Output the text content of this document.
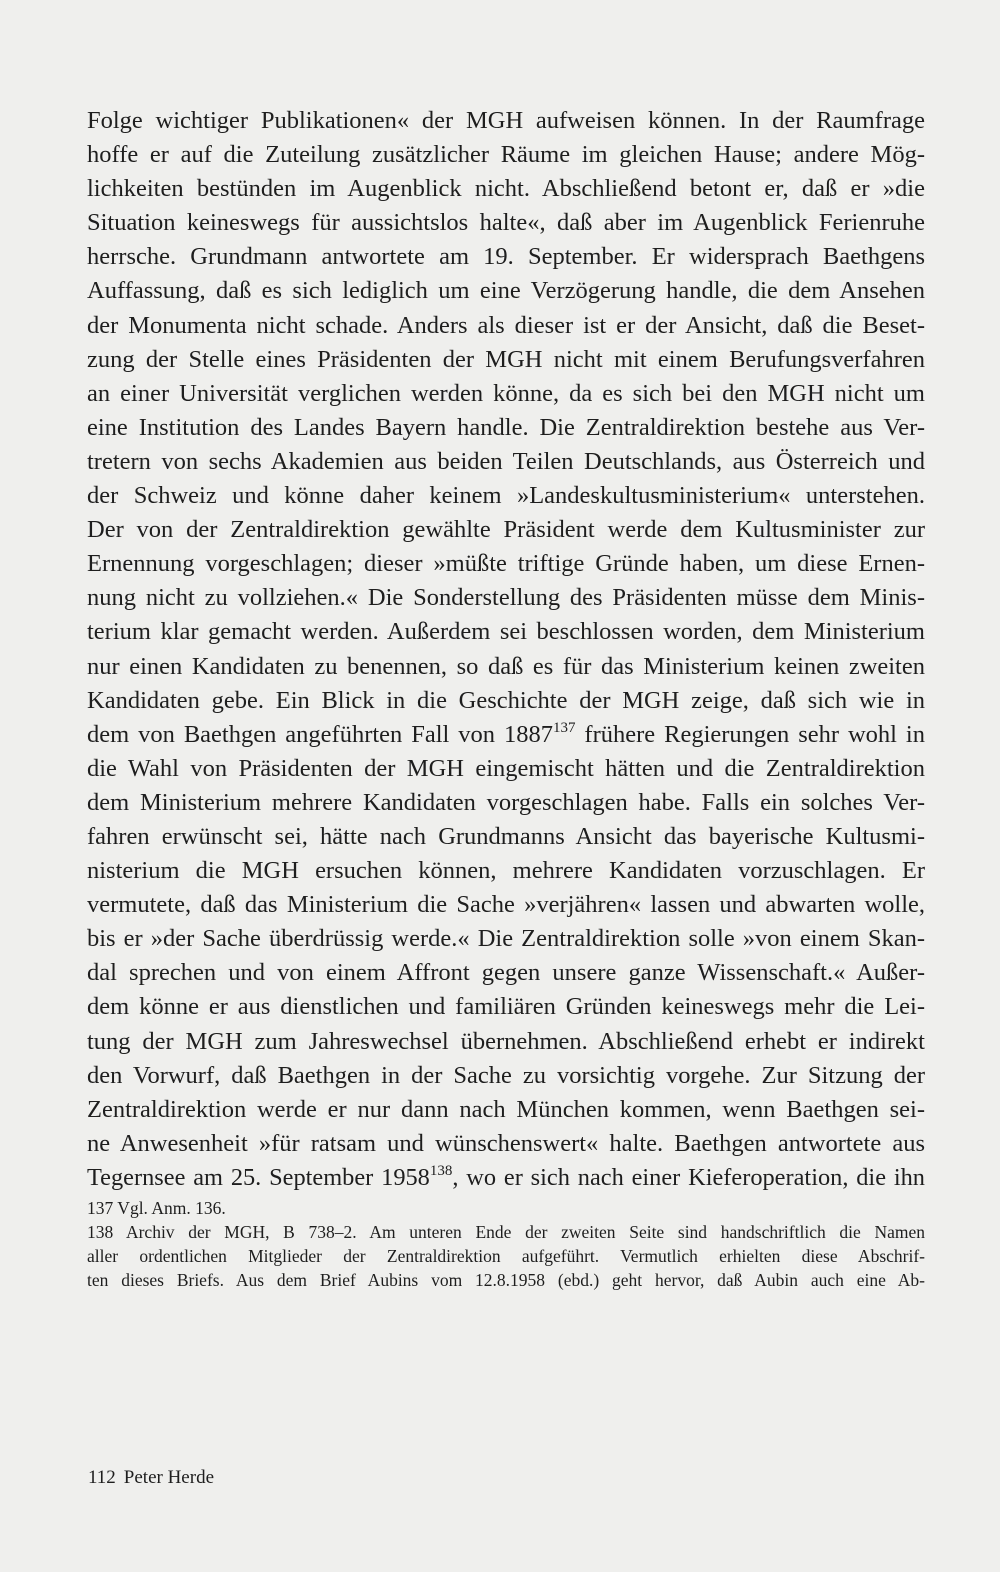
Folge wichtiger Publikationen« der MGH aufweisen können. In der Raumfrage
hoffe er auf die Zuteilung zusätzlicher Räume im gleichen Hause; andere Mög-
lichkeiten bestünden im Augenblick nicht. Abschließend betont er, daß er »die
Situation keineswegs für aussichtslos halte«, daß aber im Augenblick Ferienruhe
herrsche. Grundmann antwortete am 19. September. Er widersprach Baethgens
Auffassung, daß es sich lediglich um eine Verzögerung handle, die dem Ansehen
der Monumenta nicht schade. Anders als dieser ist er der Ansicht, daß die Beset-
zung der Stelle eines Präsidenten der MGH nicht mit einem Berufungsverfahren
an einer Universität verglichen werden könne, da es sich bei den MGH nicht um
eine Institution des Landes Bayern handle. Die Zentraldirektion bestehe aus Ver-
tretern von sechs Akademien aus beiden Teilen Deutschlands, aus Österreich und
der Schweiz und könne daher keinem »Landeskultusministerium« unterstehen.
Der von der Zentraldirektion gewählte Präsident werde dem Kultusminister zur
Ernennung vorgeschlagen; dieser »müßte triftige Gründe haben, um diese Ernen-
nung nicht zu vollziehen.« Die Sonderstellung des Präsidenten müsse dem Minis-
terium klar gemacht werden. Außerdem sei beschlossen worden, dem Ministerium
nur einen Kandidaten zu benennen, so daß es für das Ministerium keinen zweiten
Kandidaten gebe. Ein Blick in die Geschichte der MGH zeige, daß sich wie in
dem von Baethgen angeführten Fall von 1887$^{137}$ frühere Regierungen sehr wohl in
die Wahl von Präsidenten der MGH eingemischt hätten und die Zentraldirektion
dem Ministerium mehrere Kandidaten vorgeschlagen habe. Falls ein solches Ver-
fahren erwünscht sei, hätte nach Grundmanns Ansicht das bayerische Kultusmi-
nisterium die MGH ersuchen können, mehrere Kandidaten vorzuschlagen. Er
vermutete, daß das Ministerium die Sache »verjähren« lassen und abwarten wolle,
bis er »der Sache überdrüssig werde.« Die Zentraldirektion solle »von einem Skan-
dal sprechen und von einem Affront gegen unsere ganze Wissenschaft.« Außer-
dem könne er aus dienstlichen und familiären Gründen keineswegs mehr die Lei-
tung der MGH zum Jahreswechsel übernehmen. Abschließend erhebt er indirekt
den Vorwurf, daß Baethgen in der Sache zu vorsichtig vorgehe. Zur Sitzung der
Zentraldirektion werde er nur dann nach München kommen, wenn Baethgen sei-
ne Anwesenheit »für ratsam und wünschenswert« halte. Baethgen antwortete aus
Tegernsee am 25. September 1958$^{138}$, wo er sich nach einer Kieferoperation, die ihn
137 Vgl. Anm. 136.
138 Archiv der MGH, B 738–2. Am unteren Ende der zweiten Seite sind handschriftlich die Namen
aller ordentlichen Mitglieder der Zentraldirektion aufgeführt. Vermutlich erhielten diese Abschrif-
ten dieses Briefs. Aus dem Brief Aubins vom 12.8.1958 (ebd.) geht hervor, daß Aubin auch eine Ab-
112 Peter Herde
